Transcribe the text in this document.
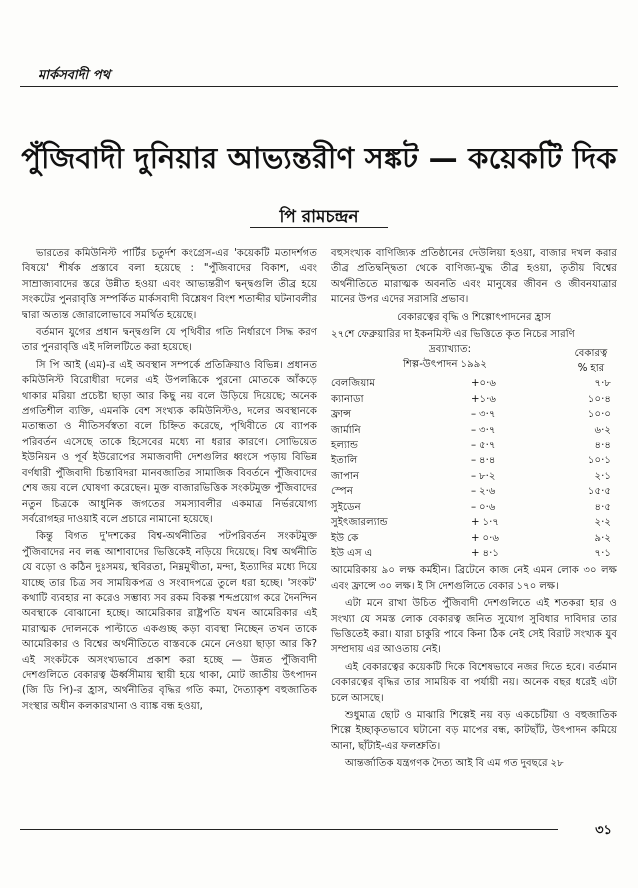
মার্কসবাদী পথ
পুঁজিবাদী দুনিয়ার আভ্যন্তরীণ সঙ্কট — কয়েকটি দিক
পি রামচন্দ্রন

ভারতের কমিউনিস্ট পার্টির চতুর্দশ কংগ্রেস-এর 'কয়েকটি মতাদর্শগত বিষয়ে' শীর্ষক প্রস্তাবে বলা হয়েছে : "পুঁজিবাদের বিকাশ, এবং সাম্রাজ্যবাদের স্তরে উন্নীত হওয়া এবং আভ্যন্তরীণ দ্বন্দ্বগুলি তীব্র হয়ে সংকটের পুনরাবৃত্তি সম্পর্কিত মার্কসবাদী বিশ্লেষণ বিংশ শতাব্দীর ঘটনাবলীর দ্বারা অত্যন্ত জোরালোভাবে সমর্থিত হয়েছে।

বর্তমান যুগের প্রধান দ্বন্দ্বগুলি যে পৃথিবীর গতি নির্ধারণে সিদ্ধ করণ তার পুনরাবৃত্তি এই দলিলটিতে করা হয়েছে।

সি পি আই (এম)-র এই অবস্থান সম্পর্কে প্রতিক্রিয়াও বিভিন্ন। প্রধানত কমিউনিস্ট বিরোধীরা দলের এই উপলব্ধিকে পুরনো মোতকে আঁকড়ে থাকার মরিয়া প্রচেষ্টা ছাড়া আর কিছু নয় বলে উড়িয়ে দিয়েছে; অনেক প্রগতিশীল ব্যক্তি, এমনকি বেশ সংখ্যক কমিউনিস্টও, দলের অবস্থানকে মতান্ধতা ও নীতিসর্বস্বতা বলে চিহ্নিত করেছে, পৃথিবীতে যে ব্যাপক পরিবর্তন এসেছে তাকে হিসেবের মধ্যে না ধরার কারণে। সোভিয়েত ইউনিয়ন ও পূর্ব ইউরোপের সমাজবাদী দেশগুলির ধ্বংসে পড়ায় বিভিন্ন বর্ণধারী পুঁজিবাদী চিন্তাবিদরা মানবজাতির সামাজিক বিবর্তনে পুঁজিবাদের শেষ জয় বলে ঘোষণা করেছেন। মুক্ত বাজারভিত্তিক সংকটমুক্ত পুঁজিবাদের নতুন চিত্রকে আধুনিক জগতের সমস্যাবলীর একমাত্র নির্ভরযোগ্য সর্বরোগহর দাওয়াই বলে প্রচারে নামানো হয়েছে।

কিন্তু বিগত দু'দশকের বিশ্ব-অর্থনীতির পটপরিবর্তন সংকটমুক্ত পুঁজিবাদের নব লব্ধ আশাবাদের ভিত্তিকেই নড়িয়ে দিয়েছে। বিশ্ব অর্থনীতি যে বড়ো ও কঠিন দুঃসময়, স্থবিরতা, নিম্নমুখীতা, মন্দা, ইত্যাদির মধ্যে দিয়ে যাচ্ছে তার চিত্র সব সাময়িকপত্র ও সংবাদপত্রে তুলে ধরা হচ্ছে। 'সংকট' কথাটি ব্যবহার না করেও সম্ভাব্য সব রকম বিকল্প শব্দপ্রয়োগ করে দৈনন্দিন অবস্থাকে বোঝানো হচ্ছে। আমেরিকার রাষ্ট্রপতি যখন আমেরিকার এই মারাত্মক দোলনকে পাল্টাতে একগুচ্ছ কড়া ব্যবস্থা নিচ্ছেন তখন তাকে আমেরিকার ও বিশ্বের অর্থনীতিতে বাস্তবকে মেনে নেওয়া ছাড়া আর কি? এই সংকটকে অসংখ্যভাবে প্রকাশ করা হচ্ছে — উন্নত পুঁজিবাদী দেশগুলিতে বেকারত্ব ঊর্ধ্বসীমায় স্থায়ী হয়ে থাকা, মোট জাতীয় উৎপাদন (জি ডি পি)-র হ্রাস, অর্থনীতির বৃদ্ধির গতি কমা, দৈত্যাকৃশ বহুজাতিক সংস্থার অধীন কলকারখানা ও ব্যাঙ্ক বন্ধ হওয়া,

বহুসংখ্যক বাণিজ্যিক প্রতিষ্ঠানের দেউলিয়া হওয়া, বাজার দখল করার তীব্র প্রতিদ্বন্দ্বিতা থেকে বাণিজ্য-যুদ্ধ তীব্র হওয়া, তৃতীয় বিশ্বের অর্থনীতিতে মারাত্মক অবনতি এবং মানুষের জীবন ও জীবনযাত্রার মানের উপর এদের সরাসরি প্রভাব।

বেকারত্বের বৃদ্ধি ও শিল্পোৎপাদনের হ্রাস

২৭শে ফেব্রুয়ারির দা ইকনমিস্ট এর ভিত্তিতে কৃত নিচের সারণি

দ্রব্যাখ্যাত:
শিল্প-উৎপাদন ১৯৯২
বেকারত্ব
% হার
বেলজিয়াম	+০·৬	৭·৮
ক্যানাডা	+১·৬	১০·৪
ফ্রান্স	– ৩·৭	১০·০
জার্মানি	– ৩·৭	৬·২
হল্যান্ড	– ৫·৭	৪·৪
ইতালি	– ৪·৪	১০·১
জাপান	– ৮·২	২·১
স্পেন	– ২·৬	১৫·৫
সুইডেন	– ০·৬	৪·৫
সুইৎজারল্যান্ড	+ ১·৭	২·২
ইউ কে	+ ০·৬	৯·২
ইউ এস এ	+ ৪·১	৭·১

আমেরিকায় ৯০ লক্ষ কর্মহীন। ব্রিটেনে কাজ নেই এমন লোক ৩০ লক্ষ এবং ফ্রান্সে ৩০ লক্ষ। ই সি দেশগুলিতে বেকার ১৭০ লক্ষ।

এটা মনে রাখা উচিত পুঁজিবাদী দেশগুলিতে এই শতকরা হার ও সংখ্যা যে সমস্ত লোক বেকারত্ব জনিত সুযোগ সুবিধার দাবিদার তার ভিত্তিতেই করা। যারা চাকুরি পাবে কিনা ঠিক নেই সেই বিরাট সংখ্যক যুব সম্প্রদায় এর আওতায় নেই।

এই বেকারত্বের কয়েকটি দিকে বিশেষভাবে নজর দিতে হবে। বর্তমান বেকারত্বের বৃদ্ধির তার সাময়িক বা পর্যায়ী নয়। অনেক বছর ধরেই এটা চলে আসছে।

শুধুমাত্র ছোট ও মাঝারি শিল্পেই নয় বড় একচেটিয়া ও বহুজাতিক শিল্পে ইচ্ছাকৃতভাবে ঘটানো বড় মাপের বন্ধ, কাটছাঁট, উৎপাদন কমিয়ে আনা, ছাঁটাই-এর ফলশ্রুতি।

আন্তর্জাতিক যন্ত্রগণক দৈত্য আই বি এম গত দুবছরে ২৮

৩১
